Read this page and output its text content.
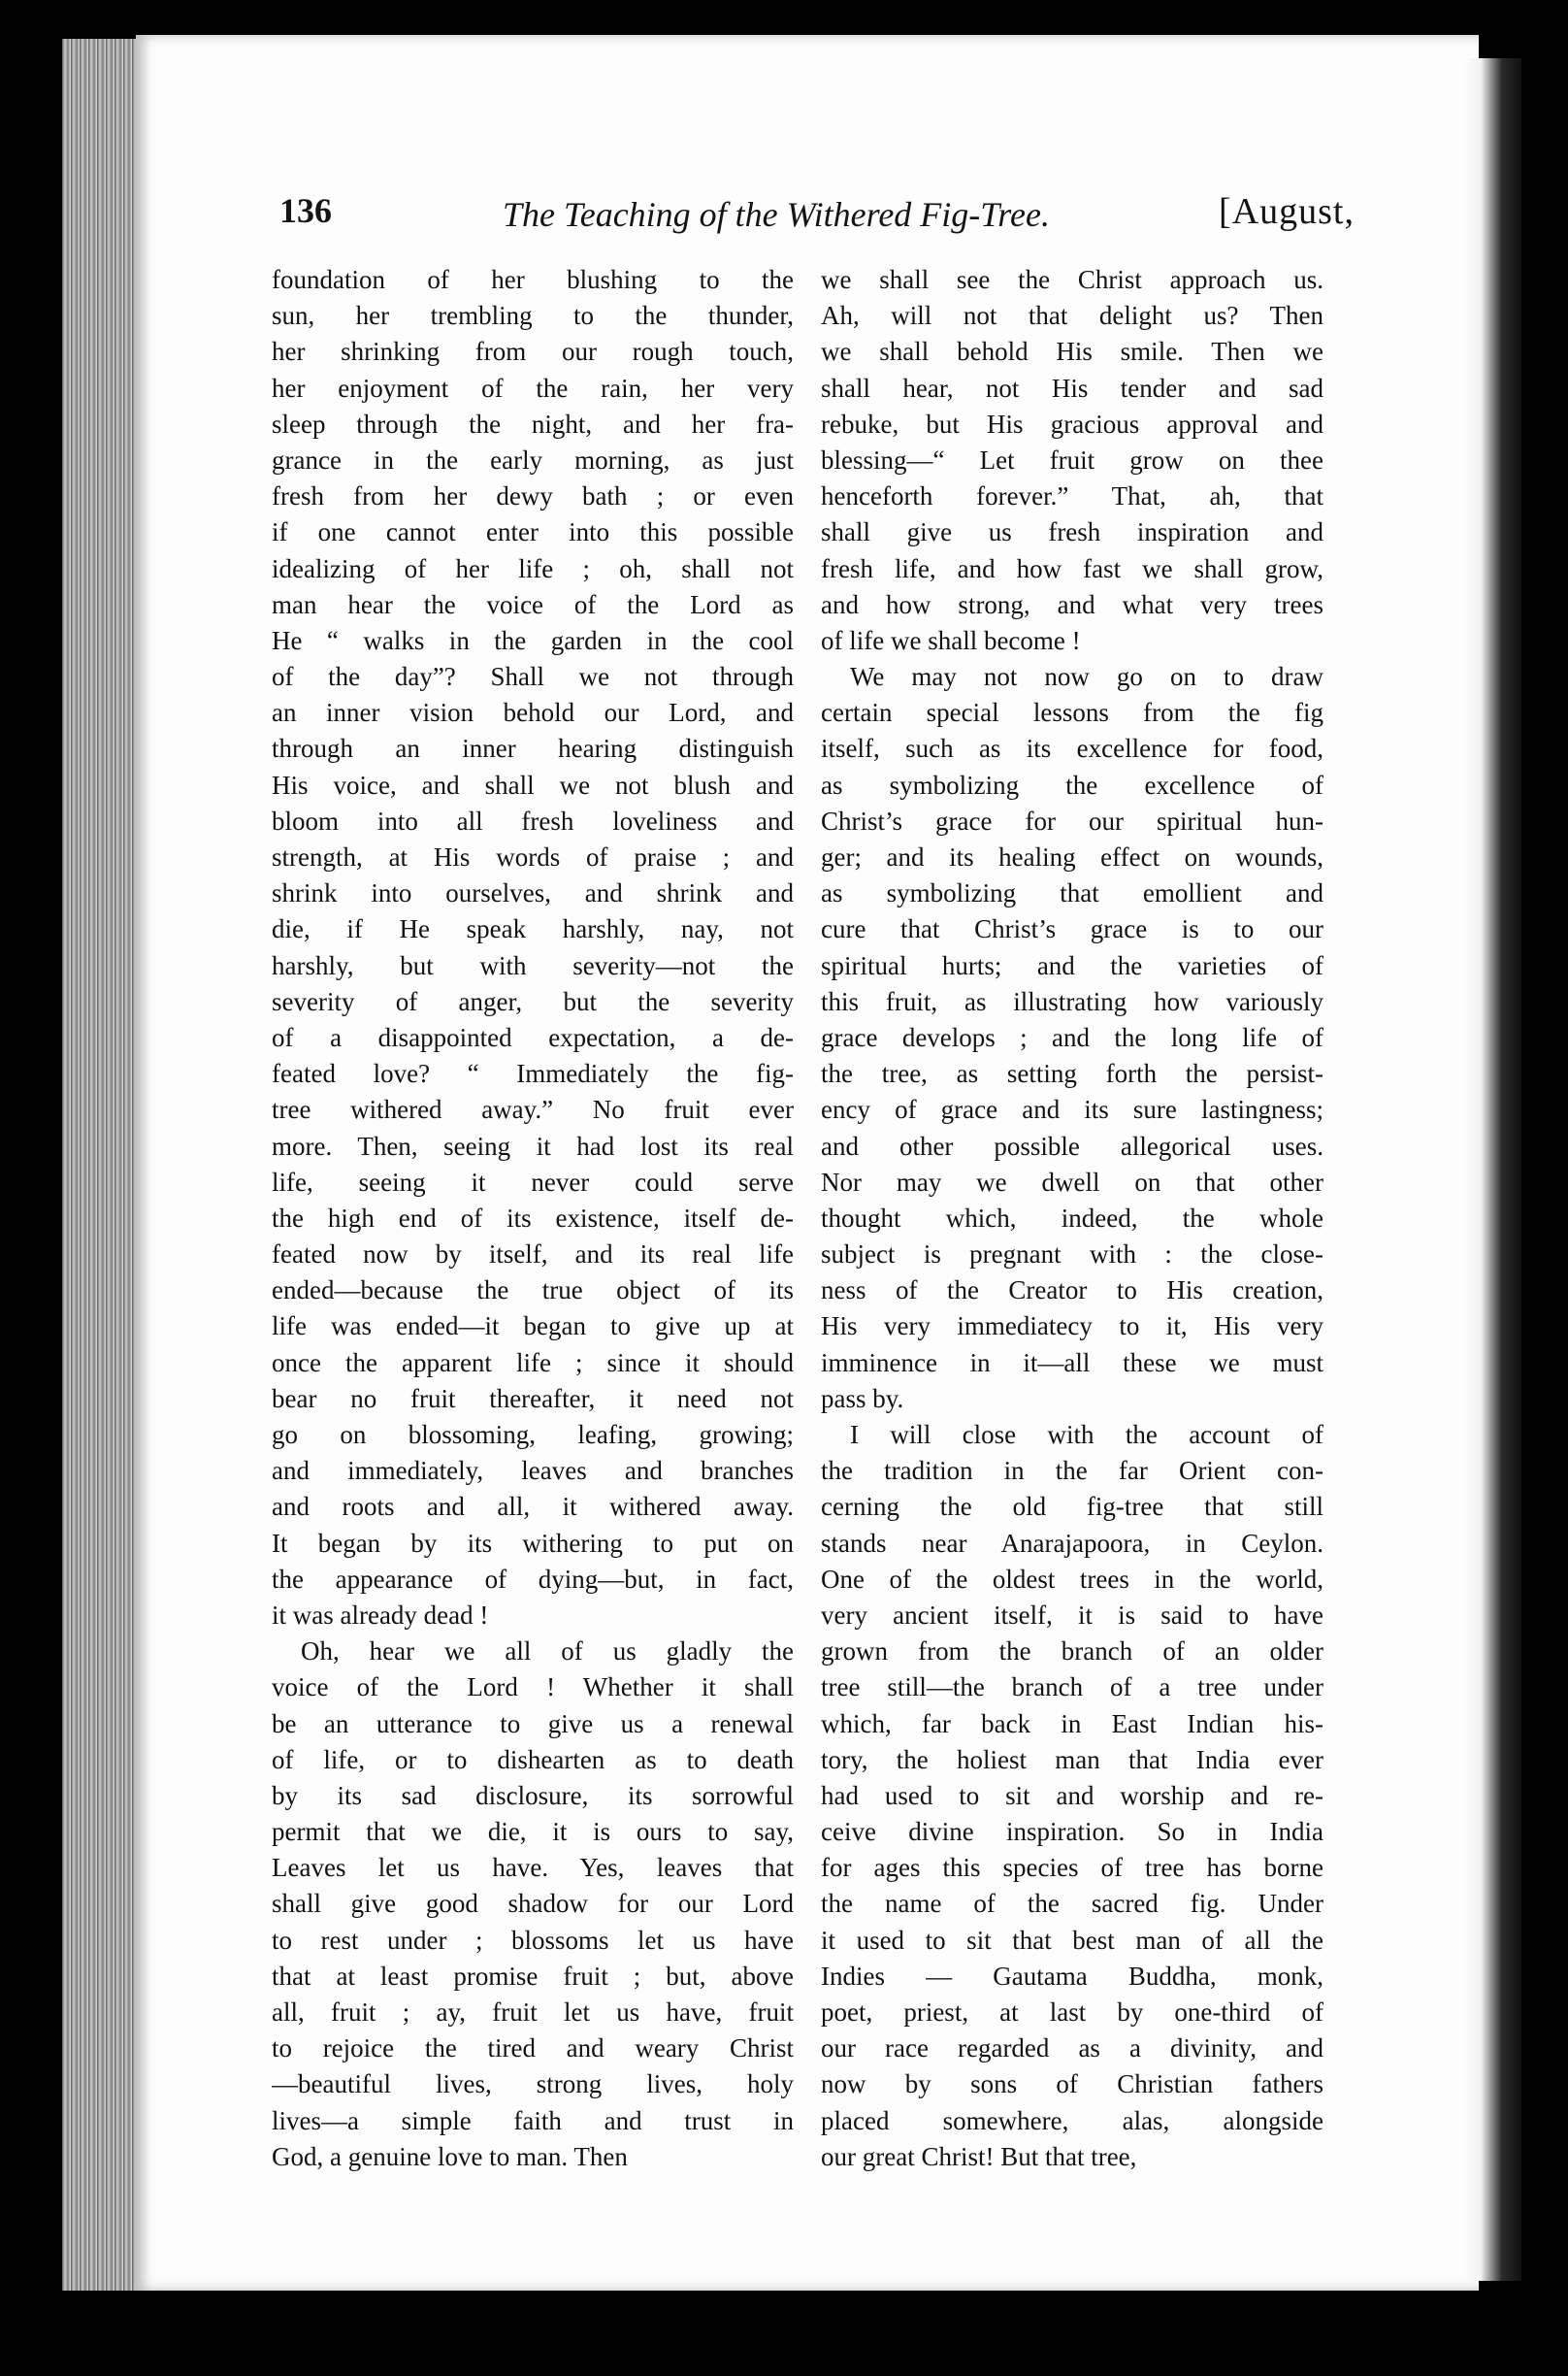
136	The Teaching of the Withered Fig-Tree.	[August,
foundation of her blushing to the
sun, her trembling to the thunder,
her shrinking from our rough touch,
her enjoyment of the rain, her very
sleep through the night, and her fra-
grance in the early morning, as just
fresh from her dewy bath ; or even
if one cannot enter into this possible
idealizing of her life ; oh, shall not
man hear the voice of the Lord as
He “ walks in the garden in the cool
of the day”? Shall we not through
an inner vision behold our Lord, and
through an inner hearing distinguish
His voice, and shall we not blush and
bloom into all fresh loveliness and
strength, at His words of praise ; and
shrink into ourselves, and shrink and
die, if He speak harshly, nay, not
harshly, but with severity—not the
severity of anger, but the severity
of a disappointed expectation, a de-
feated love? “ Immediately the fig-
tree withered away.” No fruit ever
more. Then, seeing it had lost its real
life, seeing it never could serve
the high end of its existence, itself de-
feated now by itself, and its real life
ended—because the true object of its
life was ended—it began to give up at
once the apparent life ; since it should
bear no fruit thereafter, it need not
go on blossoming, leafing, growing;
and immediately, leaves and branches
and roots and all, it withered away.
It began by its withering to put on
the appearance of dying—but, in fact,
it was already dead !
Oh, hear we all of us gladly the
voice of the Lord ! Whether it shall
be an utterance to give us a renewal
of life, or to dishearten as to death
by its sad disclosure, its sorrowful
permit that we die, it is ours to say,
Leaves let us have. Yes, leaves that
shall give good shadow for our Lord
to rest under ; blossoms let us have
that at least promise fruit ; but, above
all, fruit ; ay, fruit let us have, fruit
to rejoice the tired and weary Christ
—beautiful lives, strong lives, holy
lives—a simple faith and trust in
God, a genuine love to man. Then
we shall see the Christ approach us.
Ah, will not that delight us? Then
we shall behold His smile. Then we
shall hear, not His tender and sad
rebuke, but His gracious approval and
blessing—“ Let fruit grow on thee
henceforth forever.” That, ah, that
shall give us fresh inspiration and
fresh life, and how fast we shall grow,
and how strong, and what very trees
of life we shall become !
We may not now go on to draw
certain special lessons from the fig
itself, such as its excellence for food,
as symbolizing the excellence of
Christ’s grace for our spiritual hun-
ger; and its healing effect on wounds,
as symbolizing that emollient and
cure that Christ’s grace is to our
spiritual hurts; and the varieties of
this fruit, as illustrating how variously
grace develops ; and the long life of
the tree, as setting forth the persist-
ency of grace and its sure lastingness;
and other possible allegorical uses.
Nor may we dwell on that other
thought which, indeed, the whole
subject is pregnant with : the close-
ness of the Creator to His creation,
His very immediatecy to it, His very
imminence in it—all these we must
pass by.
I will close with the account of
the tradition in the far Orient con-
cerning the old fig-tree that still
stands near Anarajapoora, in Ceylon.
One of the oldest trees in the world,
very ancient itself, it is said to have
grown from the branch of an older
tree still—the branch of a tree under
which, far back in East Indian his-
tory, the holiest man that India ever
had used to sit and worship and re-
ceive divine inspiration. So in India
for ages this species of tree has borne
the name of the sacred fig. Under
it used to sit that best man of all the
Indies — Gautama Buddha, monk,
poet, priest, at last by one-third of
our race regarded as a divinity, and
now by sons of Christian fathers
placed somewhere, alas, alongside
our great Christ! But that tree,
